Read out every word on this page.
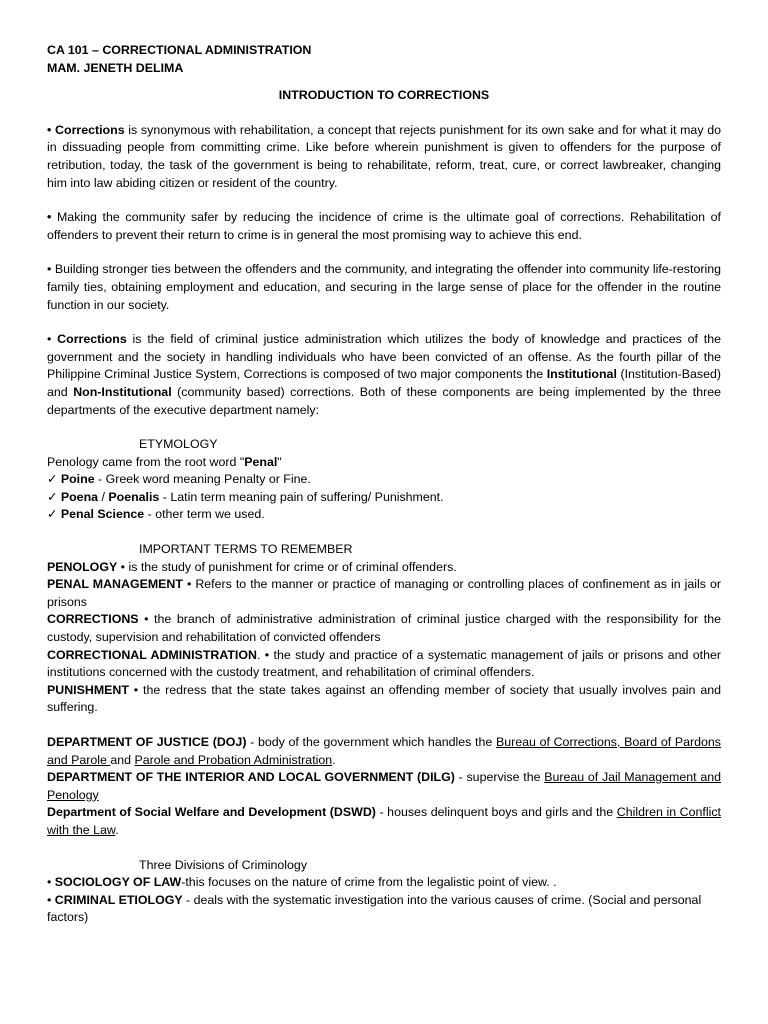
CA 101 – CORRECTIONAL ADMINISTRATION
MAM. JENETH DELIMA
INTRODUCTION TO CORRECTIONS
• Corrections is synonymous with rehabilitation, a concept that rejects punishment for its own sake and for what it may do in dissuading people from committing crime. Like before wherein punishment is given to offenders for the purpose of retribution, today, the task of the government is being to rehabilitate, reform, treat, cure, or correct lawbreaker, changing him into law abiding citizen or resident of the country.
• Making the community safer by reducing the incidence of crime is the ultimate goal of corrections. Rehabilitation of offenders to prevent their return to crime is in general the most promising way to achieve this end.
• Building stronger ties between the offenders and the community, and integrating the offender into community life-restoring family ties, obtaining employment and education, and securing in the large sense of place for the offender in the routine function in our society.
• Corrections is the field of criminal justice administration which utilizes the body of knowledge and practices of the government and the society in handling individuals who have been convicted of an offense. As the fourth pillar of the Philippine Criminal Justice System, Corrections is composed of two major components the Institutional (Institution-Based) and Non-Institutional (community based) corrections. Both of these components are being implemented by the three departments of the executive department namely:
ETYMOLOGY
Penology came from the root word "Penal"
✓ Poine - Greek word meaning Penalty or Fine.
✓ Poena / Poenalis - Latin term meaning pain of suffering/ Punishment.
✓ Penal Science - other term we used.
IMPORTANT TERMS TO REMEMBER
PENOLOGY • is the study of punishment for crime or of criminal offenders.
PENAL MANAGEMENT • Refers to the manner or practice of managing or controlling places of confinement as in jails or prisons
CORRECTIONS • the branch of administrative administration of criminal justice charged with the responsibility for the custody, supervision and rehabilitation of convicted offenders
CORRECTIONAL ADMINISTRATION. • the study and practice of a systematic management of jails or prisons and other institutions concerned with the custody treatment, and rehabilitation of criminal offenders.
PUNISHMENT • the redress that the state takes against an offending member of society that usually involves pain and suffering.
DEPARTMENT OF JUSTICE (DOJ) - body of the government which handles the Bureau of Corrections, Board of Pardons and Parole and Parole and Probation Administration.
DEPARTMENT OF THE INTERIOR AND LOCAL GOVERNMENT (DILG) - supervise the Bureau of Jail Management and Penology
Department of Social Welfare and Development (DSWD) - houses delinquent boys and girls and the Children in Conflict with the Law.
Three Divisions of Criminology
• SOCIOLOGY OF LAW-this focuses on the nature of crime from the legalistic point of view. .
• CRIMINAL ETIOLOGY - deals with the systematic investigation into the various causes of crime. (Social and personal factors)
